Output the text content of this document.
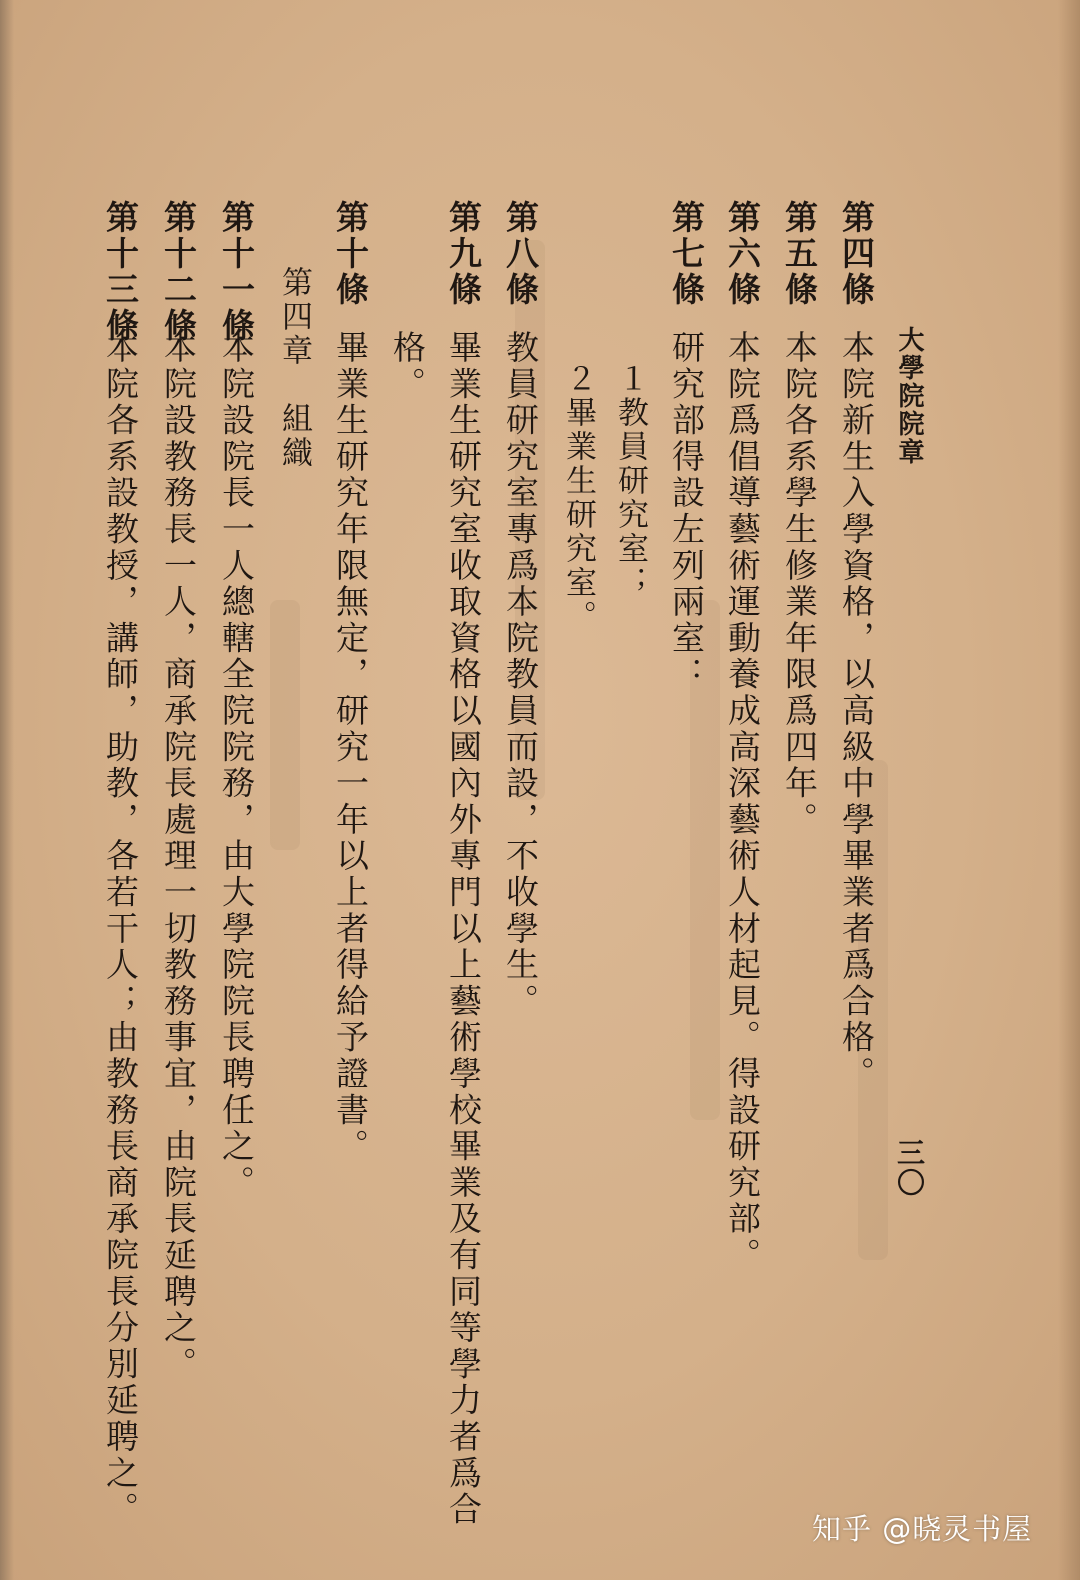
大學院院章
三〇
第四條
本院新生入學資格，以高級中學畢業者爲合格。
第五條
本院各系學生修業年限爲四年。
第六條
本院爲倡導藝術運動養成高深藝術人材起見。得設研究部。
第七條
研究部得設左列兩室：
１教員研究室；
２畢業生研究室。
第八條
教員研究室專爲本院教員而設，不收學生。
第九條
畢業生研究室收取資格以國內外專門以上藝術學校畢業及有同等學力者爲合
格。
第十條
畢業生研究年限無定，研究一年以上者得給予證書。
第四章　組織
第十一條
本院設院長一人總轄全院院務，由大學院院長聘任之。
第十二條
本院設教務長一人，商承院長處理一切教務事宜，由院長延聘之。
第十三條
本院各系設教授，講師，助教，各若干人；由教務長商承院長分別延聘之。
知乎 @晓灵书屋
